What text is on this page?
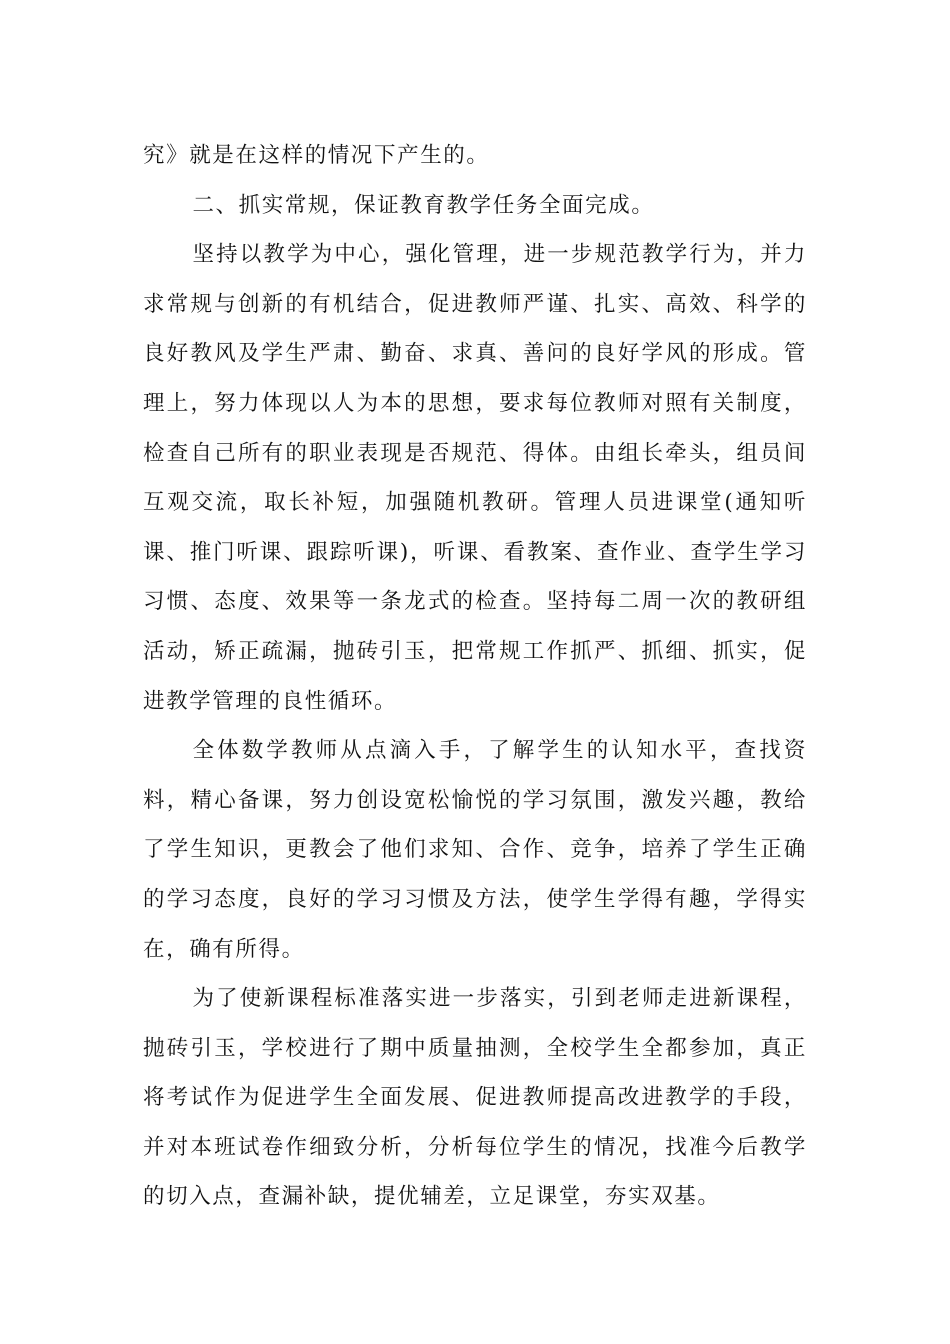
究》就是在这样的情况下产生的。

二、抓实常规，保证教育教学任务全面完成。

坚持以教学为中心，强化管理，进一步规范教学行为，并力求常规与创新的有机结合，促进教师严谨、扎实、高效、科学的良好教风及学生严肃、勤奋、求真、善问的良好学风的形成。管理上，努力体现以人为本的思想，要求每位教师对照有关制度，检查自己所有的职业表现是否规范、得体。由组长牵头，组员间互观交流，取长补短，加强随机教研。管理人员进课堂(通知听课、推门听课、跟踪听课)，听课、看教案、查作业、查学生学习习惯、态度、效果等一条龙式的检查。坚持每二周一次的教研组活动，矫正疏漏，抛砖引玉，把常规工作抓严、抓细、抓实，促进教学管理的良性循环。

全体数学教师从点滴入手，了解学生的认知水平，查找资料，精心备课，努力创设宽松愉悦的学习氛围，激发兴趣，教给了学生知识，更教会了他们求知、合作、竞争，培养了学生正确的学习态度，良好的学习习惯及方法，使学生学得有趣，学得实在，确有所得。

为了使新课程标准落实进一步落实，引到老师走进新课程，抛砖引玉，学校进行了期中质量抽测，全校学生全都参加，真正将考试作为促进学生全面发展、促进教师提高改进教学的手段，并对本班试卷作细致分析，分析每位学生的情况，找准今后教学的切入点，查漏补缺，提优辅差，立足课堂，夯实双基。
